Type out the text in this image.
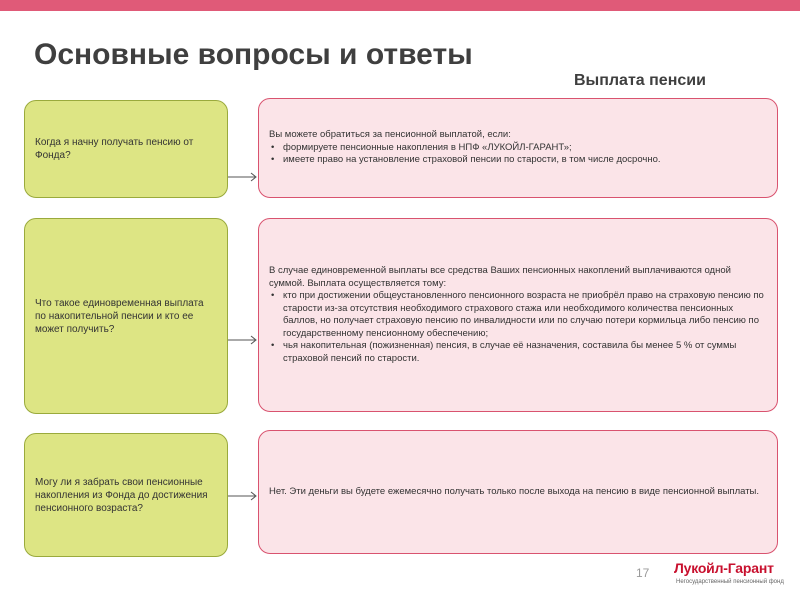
Основные вопросы и ответы
Выплата пенсии
Когда я начну получать пенсию от Фонда?
Вы можете обратиться за пенсионной выплатой, если:
• формируете пенсионные накопления в НПФ «ЛУКОЙЛ-ГАРАНТ»;
• имеете право на установление страховой пенсии по старости, в том числе досрочно.
Что такое единовременная выплата по накопительной пенсии и кто ее может получить?
В случае единовременной выплаты все средства Ваших пенсионных накоплений выплачиваются одной суммой. Выплата осуществляется тому:
• кто при достижении общеустановленного пенсионного возраста не приобрёл право на страховую пенсию по старости из-за отсутствия необходимого страхового стажа или необходимого количества пенсионных баллов, но получает страховую пенсию по инвалидности или по случаю потери кормильца либо пенсию по государственному пенсионному обеспечению;
• чья накопительная (пожизненная) пенсия, в случае её назначения, составила бы менее 5 % от суммы страховой пенсий по старости.
Могу ли я забрать свои пенсионные накопления из Фонда до достижения пенсионного возраста?
Нет. Эти деньги вы будете ежемесячно получать только после выхода на пенсию в виде пенсионной выплаты.
17 Лукойл-Гарант
Негосударственный пенсионный фонд
